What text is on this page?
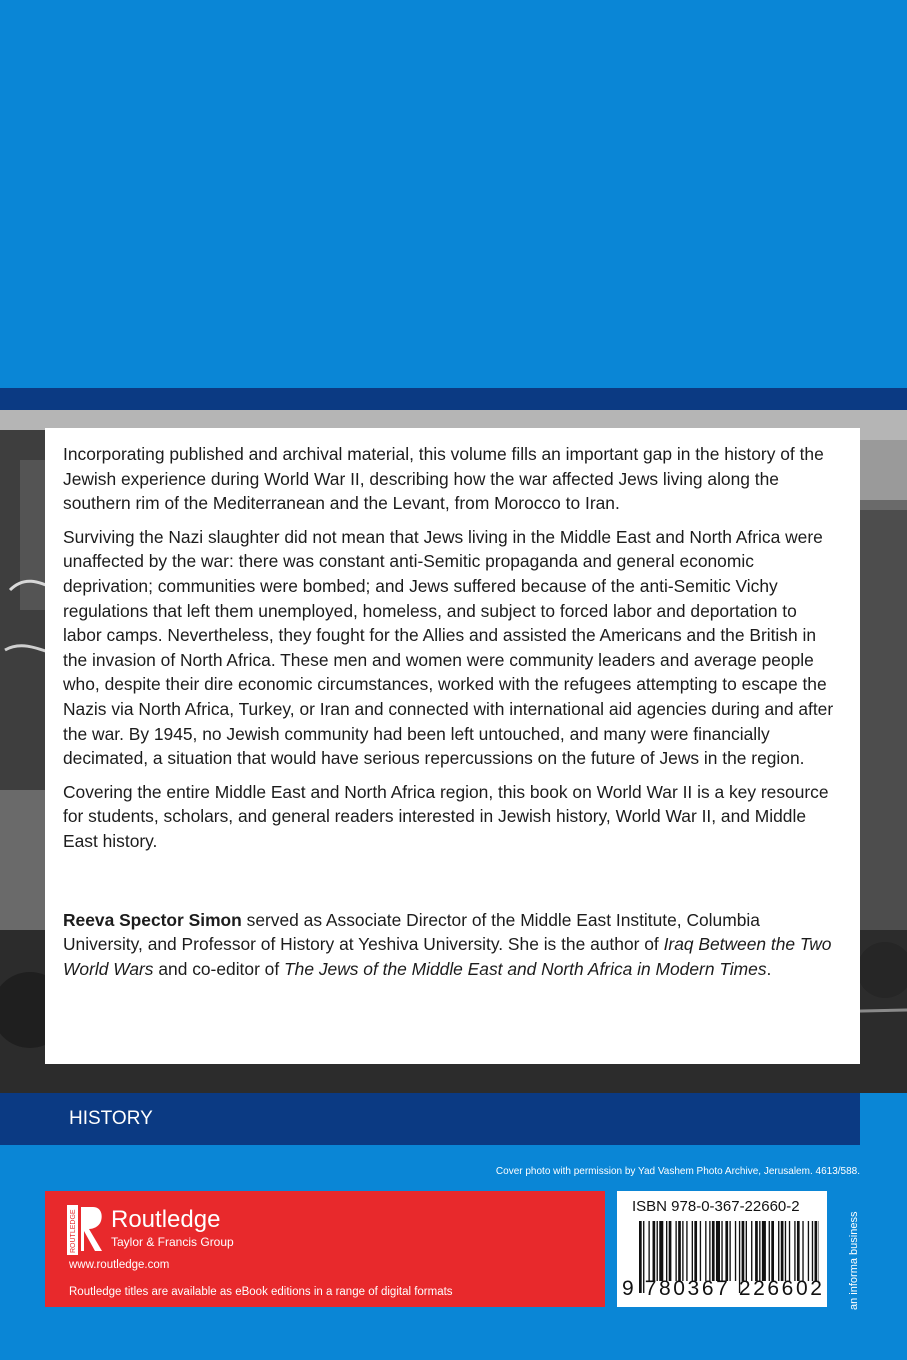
Incorporating published and archival material, this volume fills an important gap in the history of the Jewish experience during World War II, describing how the war affected Jews living along the southern rim of the Mediterranean and the Levant, from Morocco to Iran.

Surviving the Nazi slaughter did not mean that Jews living in the Middle East and North Africa were unaffected by the war: there was constant anti-Semitic propaganda and general economic deprivation; communities were bombed; and Jews suffered because of the anti-Semitic Vichy regulations that left them unemployed, homeless, and subject to forced labor and deportation to labor camps. Nevertheless, they fought for the Allies and assisted the Americans and the British in the invasion of North Africa. These men and women were community leaders and average people who, despite their dire economic circumstances, worked with the refugees attempting to escape the Nazis via North Africa, Turkey, or Iran and connected with international aid agencies during and after the war. By 1945, no Jewish community had been left untouched, and many were financially decimated, a situation that would have serious repercussions on the future of Jews in the region.

Covering the entire Middle East and North Africa region, this book on World War II is a key resource for students, scholars, and general readers interested in Jewish history, World War II, and Middle East history.

Reeva Spector Simon served as Associate Director of the Middle East Institute, Columbia University, and Professor of History at Yeshiva University. She is the author of Iraq Between the Two World Wars and co-editor of The Jews of the Middle East and North Africa in Modern Times.

HISTORY
Cover photo with permission by Yad Vashem Photo Archive, Jerusalem. 4613/588.
ROUTLEDGE Routledge
Taylor & Francis Group
www.routledge.com
Routledge titles are available as eBook editions in a range of digital formats
ISBN 978-0-367-22660-2
9 780367 226602 an informa business
